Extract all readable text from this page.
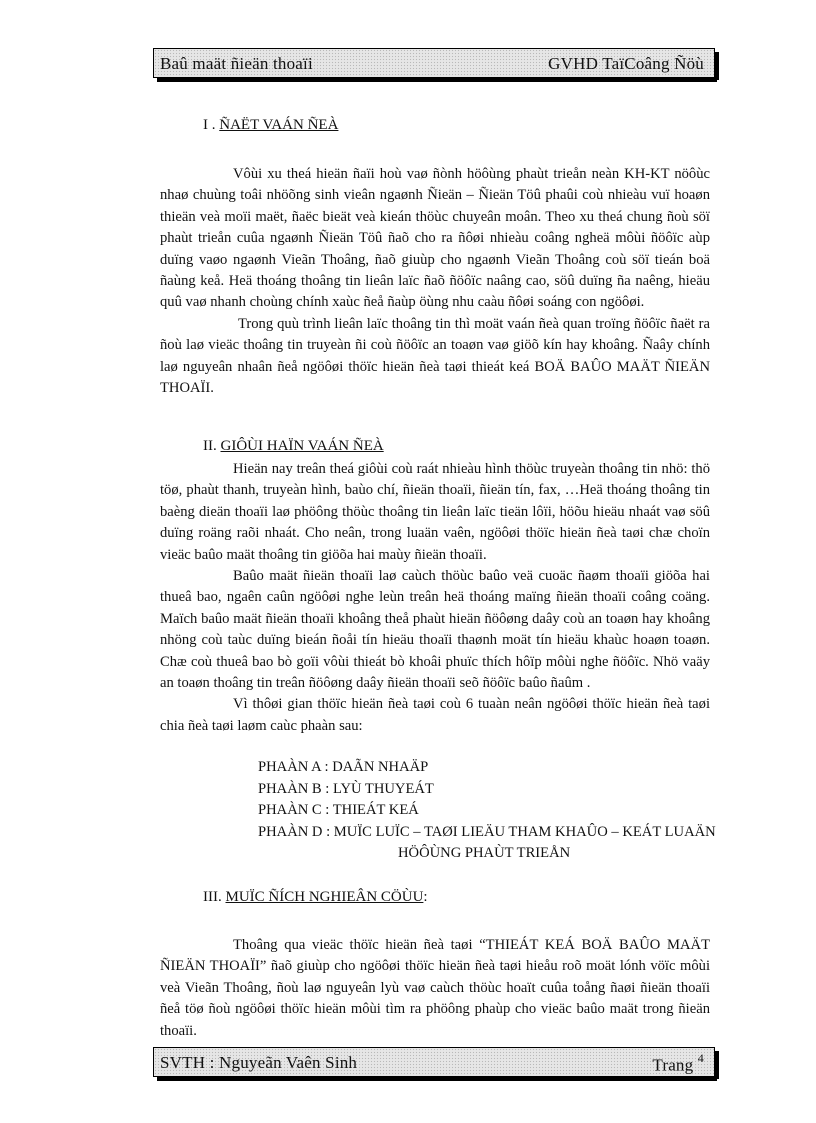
Baû maät ñieän thoaïi	GVHD TaïCoâng Ñöù
I . ÑAËT VAÁN ÑEÀ

Vôùi xu theá hieän ñaïi hoù vaø ñònh höôùng phaùt trieån neàn KH-KT nöôùc nhaø chuùng toâi nhöõng sinh vieân ngaønh Ñieän – Ñieän Töû phaûi coù nhieàu vuï hoaøn thieän veà moïi maët, ñaëc bieät veà kieán thöùc chuyeân moân. Theo xu theá chung ñoù söï phaùt trieån cuûa ngaønh Ñieän Töû ñaõ cho ra ñôøi nhieàu coâng ngheä môùi ñöôïc aùp duïng vaøo ngaønh Vieãn Thoâng, ñaõ giuùp cho ngaønh Vieãn Thoâng coù söï tieán boä ñaùng keå. Heä thoáng thoâng tin lieân laïc ñaõ ñöôïc naâng cao, söû duïng ña naêng, hieäu quû vaø nhanh choùng chính xaùc ñeå ñaùp öùng nhu caàu ñôøi soáng con ngöôøi.

Trong quù trình lieân laïc thoâng tin thì moät vaán ñeà quan troïng ñöôïc ñaët ra ñoù laø vieäc thoâng tin truyeàn ñi coù ñöôïc an toaøn vaø giöõ kín hay khoâng. Ñaây chính laø nguyeân nhaân ñeå ngöôøi thöïc hieän ñeà taøi thieát keá BOÄ BAÛO MAÄT ÑIEÄN THOAÏI.

II. GIÔÙI HAÏN VAÁN ÑEÀ

Hieän nay treân theá giôùi coù raát nhieàu hình thöùc truyeàn thoâng tin nhö: thö töø, phaùt thanh, truyeàn hình, baùo chí, ñieän thoaïi, ñieän tín, fax, …Heä thoáng thoâng tin baèng dieän thoaïi laø phöông thöùc thoâng tin lieân laïc tieän lôïi, höõu hieäu nhaát vaø söû duïng roäng raõi nhaát. Cho neân, trong luaän vaên, ngöôøi thöïc hieän ñeà taøi chæ choïn vieäc baûo maät thoâng tin giöõa hai maùy ñieän thoaïi.

Baûo maät ñieän thoaïi laø caùch thöùc baûo veä cuoäc ñaøm thoaïi giöõa hai thueâ bao, ngaên caûn ngöôøi nghe leùn treân heä thoáng maïng ñieän thoaïi coâng coäng. Maïch baûo maät ñieän thoaïi khoâng theå phaùt hieän ñöôøng daây coù an toaøn hay khoâng nhöng coù taùc duïng bieán ñoåi tín hieäu thoaïi thaønh moät tín hieäu khaùc hoaøn toaøn. Chæ coù thueâ bao bò goïi vôùi thieát bò khoâi phuïc thích hôïp môùi nghe ñöôïc. Nhö vaäy an toaøn thoâng tin treân ñöôøng daây ñieän thoaïi seõ ñöôïc baûo ñaûm .

Vì thôøi gian thöïc hieän ñeà taøi coù 6 tuaàn neân ngöôøi thöïc hieän ñeà taøi chia ñeà taøi laøm caùc phaàn sau:

PHAÀN A : DAÃN NHAÄP
PHAÀN B : LYÙ THUYEÁT
PHAÀN C : THIEÁT KEÁ
PHAÀN D : MUÏC LUÏC – TAØI LIEÄU THAM KHAÛO – KEÁT LUAÄN
HÖÔÙNG PHAÙT TRIEÅN
III. MUÏC ÑÍCH NGHIEÂN CÖÙU:

Thoâng qua vieäc thöïc hieän ñeà taøi “THIEÁT KEÁ BOÄ BAÛO MAÄT ÑIEÄN THOAÏI” ñaõ giuùp cho ngöôøi thöïc hieän ñeà taøi hieåu roõ moät lónh vöïc môùi veà Vieãn Thoâng, ñoù laø nguyeân lyù vaø caùch thöùc hoaït cuûa toång ñaøi ñieän thoaïi ñeå töø ñoù ngöôøi thöïc hieän môùi tìm ra phöông phaùp cho vieäc baûo maät trong ñieän thoaïi.

SVTH : Nguyeãn Vaên Sinh	Trang $^4$
